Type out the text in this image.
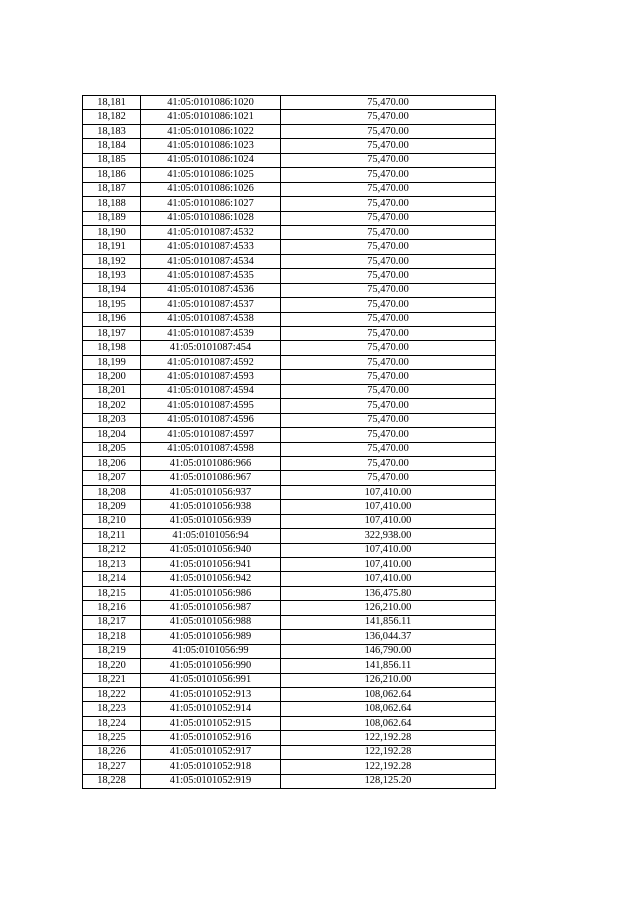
18,181	41:05:0101086:1020	75,470.00
18,182	41:05:0101086:1021	75,470.00
18,183	41:05:0101086:1022	75,470.00
18,184	41:05:0101086:1023	75,470.00
18,185	41:05:0101086:1024	75,470.00
18,186	41:05:0101086:1025	75,470.00
18,187	41:05:0101086:1026	75,470.00
18,188	41:05:0101086:1027	75,470.00
18,189	41:05:0101086:1028	75,470.00
18,190	41:05:0101087:4532	75,470.00
18,191	41:05:0101087:4533	75,470.00
18,192	41:05:0101087:4534	75,470.00
18,193	41:05:0101087:4535	75,470.00
18,194	41:05:0101087:4536	75,470.00
18,195	41:05:0101087:4537	75,470.00
18,196	41:05:0101087:4538	75,470.00
18,197	41:05:0101087:4539	75,470.00
18,198	41:05:0101087:454	75,470.00
18,199	41:05:0101087:4592	75,470.00
18,200	41:05:0101087:4593	75,470.00
18,201	41:05:0101087:4594	75,470.00
18,202	41:05:0101087:4595	75,470.00
18,203	41:05:0101087:4596	75,470.00
18,204	41:05:0101087:4597	75,470.00
18,205	41:05:0101087:4598	75,470.00
18,206	41:05:0101086:966	75,470.00
18,207	41:05:0101086:967	75,470.00
18,208	41:05:0101056:937	107,410.00
18,209	41:05:0101056:938	107,410.00
18,210	41:05:0101056:939	107,410.00
18,211	41:05:0101056:94	322,938.00
18,212	41:05:0101056:940	107,410.00
18,213	41:05:0101056:941	107,410.00
18,214	41:05:0101056:942	107,410.00
18,215	41:05:0101056:986	136,475.80
18,216	41:05:0101056:987	126,210.00
18,217	41:05:0101056:988	141,856.11
18,218	41:05:0101056:989	136,044.37
18,219	41:05:0101056:99	146,790.00
18,220	41:05:0101056:990	141,856.11
18,221	41:05:0101056:991	126,210.00
18,222	41:05:0101052:913	108,062.64
18,223	41:05:0101052:914	108,062.64
18,224	41:05:0101052:915	108,062.64
18,225	41:05:0101052:916	122,192.28
18,226	41:05:0101052:917	122,192.28
18,227	41:05:0101052:918	122,192.28
18,228	41:05:0101052:919	128,125.20
